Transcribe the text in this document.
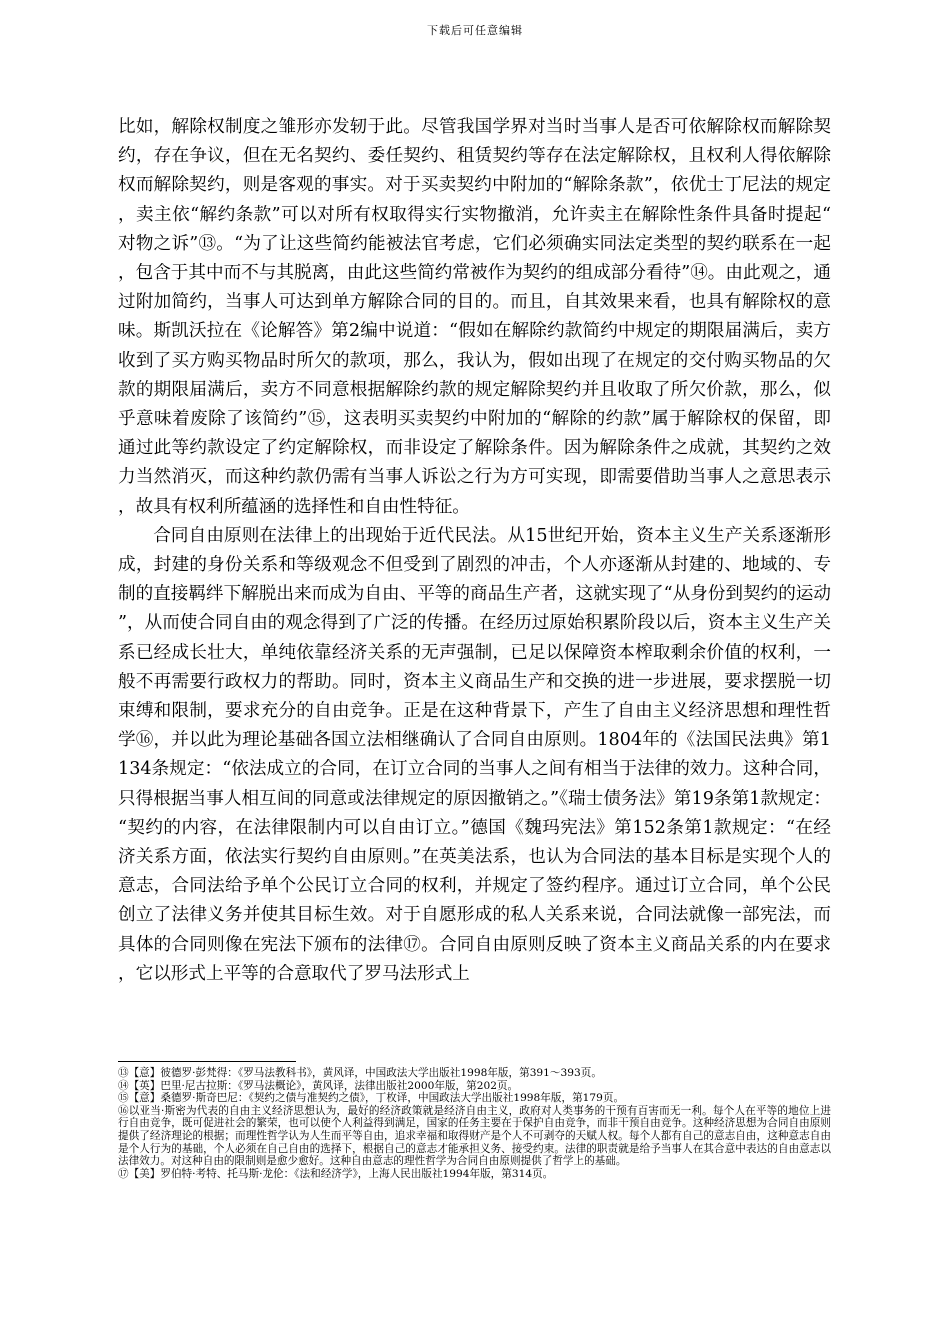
下载后可任意编辑

比如，解除权制度之雏形亦发轫于此。尽管我国学界对当时当事人是否可依解除权而解除契约，存在争议，但在无名契约、委任契约、租赁契约等存在法定解除权，且权利人得依解除权而解除契约，则是客观的事实。对于买卖契约中附加的“解除条款”，依优士丁尼法的规定，卖主依“解约条款”可以对所有权取得实行实物撤消，允许卖主在解除性条件具备时提起“对物之诉”⑬。“为了让这些简约能被法官考虑，它们必须确实同法定类型的契约联系在一起，包含于其中而不与其脱离，由此这些简约常被作为契约的组成部分看待”⑭。由此观之，通过附加简约，当事人可达到单方解除合同的目的。而且，自其效果来看，也具有解除权的意味。斯凯沃拉在《论解答》第2编中说道：“假如在解除约款简约中规定的期限届满后，卖方收到了买方购买物品时所欠的款项，那么，我认为，假如出现了在规定的交付购买物品的欠款的期限届满后，卖方不同意根据解除约款的规定解除契约并且收取了所欠价款，那么，似乎意味着废除了该简约”⑮，这表明买卖契约中附加的“解除的约款”属于解除权的保留，即通过此等约款设定了约定解除权，而非设定了解除条件。因为解除条件之成就，其契约之效力当然消灭，而这种约款仍需有当事人诉讼之行为方可实现，即需要借助当事人之意思表示，故具有权利所蕴涵的选择性和自由性特征。

合同自由原则在法律上的出现始于近代民法。从15世纪开始，资本主义生产关系逐渐形成，封建的身份关系和等级观念不但受到了剧烈的冲击，个人亦逐渐从封建的、地域的、专制的直接羁绊下解脱出来而成为自由、平等的商品生产者，这就实现了“从身份到契约的运动”，从而使合同自由的观念得到了广泛的传播。在经历过原始积累阶段以后，资本主义生产关系已经成长壮大，单纯依靠经济关系的无声强制，已足以保障资本榨取剩余价值的权利，一般不再需要行政权力的帮助。同时，资本主义商品生产和交换的进一步进展，要求摆脱一切束缚和限制，要求充分的自由竞争。正是在这种背景下，产生了自由主义经济思想和理性哲学⑯，并以此为理论基础各国立法相继确认了合同自由原则。1804年的《法国民法典》第1134条规定：“依法成立的合同，在订立合同的当事人之间有相当于法律的效力。这种合同，只得根据当事人相互间的同意或法律规定的原因撤销之。”《瑞士债务法》第19条第1款规定：“契约的内容，在法律限制内可以自由订立。”德国《魏玛宪法》第152条第1款规定：“在经济关系方面，依法实行契约自由原则。”在英美法系，也认为合同法的基本目标是实现个人的意志，合同法给予单个公民订立合同的权利，并规定了签约程序。通过订立合同，单个公民创立了法律义务并使其目标生效。对于自愿形成的私人关系来说，合同法就像一部宪法，而具体的合同则像在宪法下颁布的法律⑰。合同自由原则反映了资本主义商品关系的内在要求，它以形式上平等的合意取代了罗马法形式上

⑬【意】彼德罗·彭梵得：《罗马法教科书》，黄风译，中国政法大学出版社1998年版，第391～393页。

⑭【英】巴里·尼古拉斯：《罗马法概论》，黄风译，法律出版社2000年版，第202页。

⑮【意】桑德罗·斯奇巴尼：《契约之债与准契约之债》，丁枚译，中国政法大学出版社1998年版，第179页。

⑯以亚当·斯密为代表的自由主义经济思想认为，最好的经济政策就是经济自由主义，政府对人类事务的干预有百害而无一利。每个人在平等的地位上进行自由竞争，既可促进社会的繁荣，也可以使个人利益得到满足，国家的任务主要在于保护自由竞争，而非干预自由竞争。这种经济思想为合同自由原则提供了经济理论的根据；而理性哲学认为人生而平等自由，追求幸福和取得财产是个人不可剥夺的天赋人权。每个人都有自己的意志自由，这种意志自由是个人行为的基础，个人必须在自己自由的选择下，根据自己的意志才能承担义务、接受约束。法律的职责就是给予当事人在其合意中表达的自由意志以法律效力。对这种自由的限制则是愈少愈好。这种自由意志的理性哲学为合同自由原则提供了哲学上的基础。

⑰【美】罗伯特·考特、托马斯·龙伦：《法和经济学》，上海人民出版社1994年版，第314页。
